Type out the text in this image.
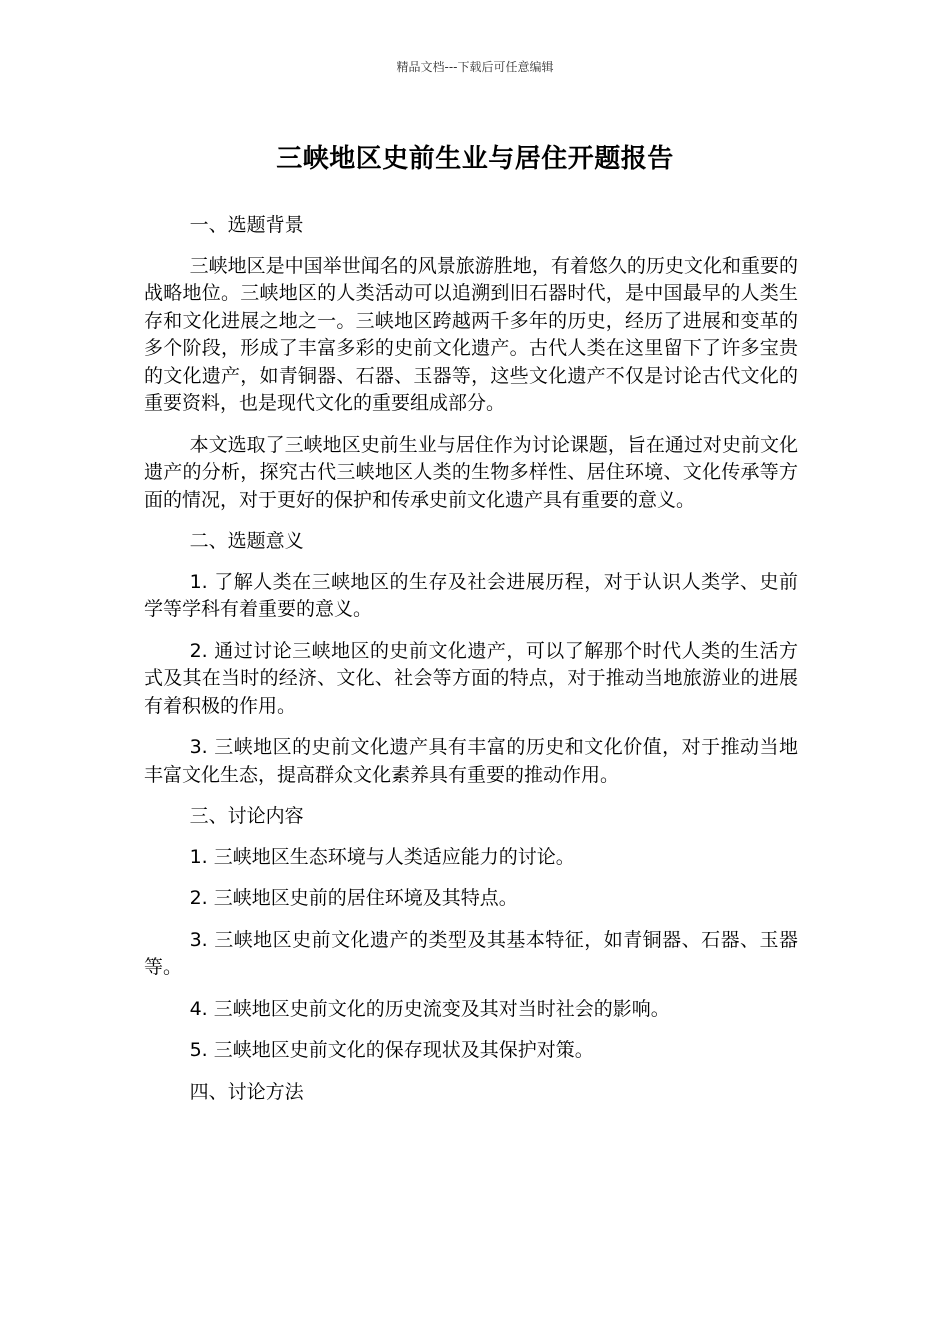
精品文档---下载后可任意编辑
三峡地区史前生业与居住开题报告

一、选题背景

三峡地区是中国举世闻名的风景旅游胜地，有着悠久的历史文化和重要的战略地位。三峡地区的人类活动可以追溯到旧石器时代，是中国最早的人类生存和文化进展之地之一。三峡地区跨越两千多年的历史，经历了进展和变革的多个阶段，形成了丰富多彩的史前文化遗产。古代人类在这里留下了许多宝贵的文化遗产，如青铜器、石器、玉器等，这些文化遗产不仅是讨论古代文化的重要资料，也是现代文化的重要组成部分。

本文选取了三峡地区史前生业与居住作为讨论课题，旨在通过对史前文化遗产的分析，探究古代三峡地区人类的生物多样性、居住环境、文化传承等方面的情况，对于更好的保护和传承史前文化遗产具有重要的意义。

二、选题意义

1. 了解人类在三峡地区的生存及社会进展历程，对于认识人类学、史前学等学科有着重要的意义。

2. 通过讨论三峡地区的史前文化遗产，可以了解那个时代人类的生活方式及其在当时的经济、文化、社会等方面的特点，对于推动当地旅游业的进展有着积极的作用。

3. 三峡地区的史前文化遗产具有丰富的历史和文化价值，对于推动当地丰富文化生态，提高群众文化素养具有重要的推动作用。

三、讨论内容

1. 三峡地区生态环境与人类适应能力的讨论。

2. 三峡地区史前的居住环境及其特点。

3. 三峡地区史前文化遗产的类型及其基本特征，如青铜器、石器、玉器等。

4. 三峡地区史前文化的历史流变及其对当时社会的影响。

5. 三峡地区史前文化的保存现状及其保护对策。

四、讨论方法
